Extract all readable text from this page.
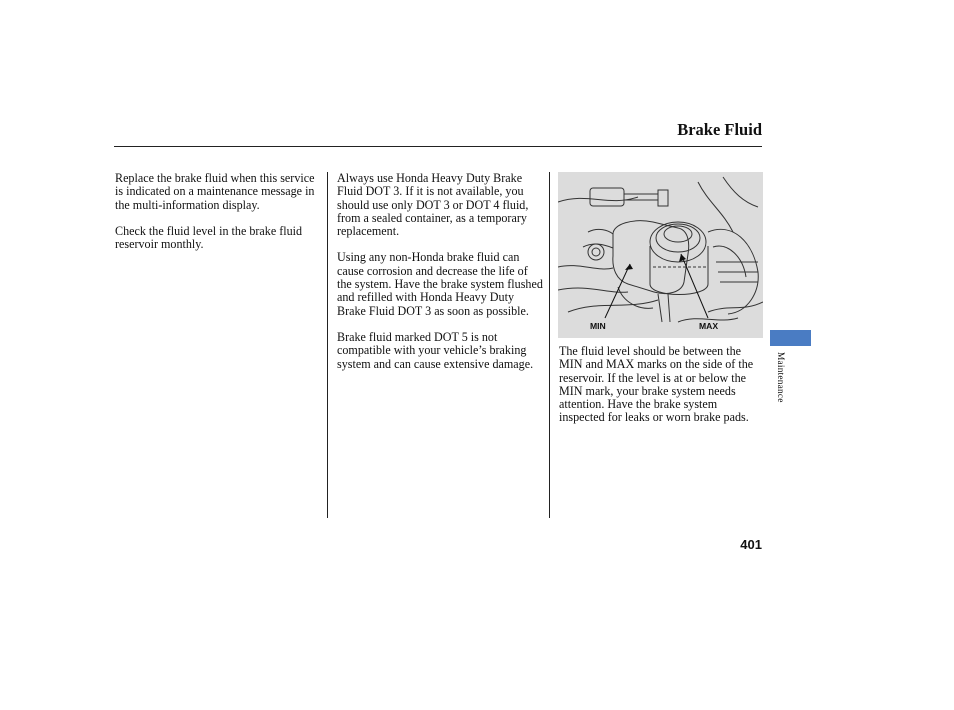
Brake Fluid

Replace the brake fluid when this service is indicated on a maintenance message in the multi-information display.

Check the fluid level in the brake fluid reservoir monthly.

Always use Honda Heavy Duty Brake Fluid DOT 3. If it is not available, you should use only DOT 3 or DOT 4 fluid, from a sealed container, as a temporary replacement.

Using any non-Honda brake fluid can cause corrosion and decrease the life of the system. Have the brake system flushed and refilled with Honda Heavy Duty Brake Fluid DOT 3 as soon as possible.

Brake fluid marked DOT 5 is not compatible with your vehicle’s braking system and can cause extensive damage.

MIN	MAX

The fluid level should be between the MIN and MAX marks on the side of the reservoir. If the level is at or below the MIN mark, your brake system needs attention. Have the brake system inspected for leaks or worn brake pads.

Maintenance
401
